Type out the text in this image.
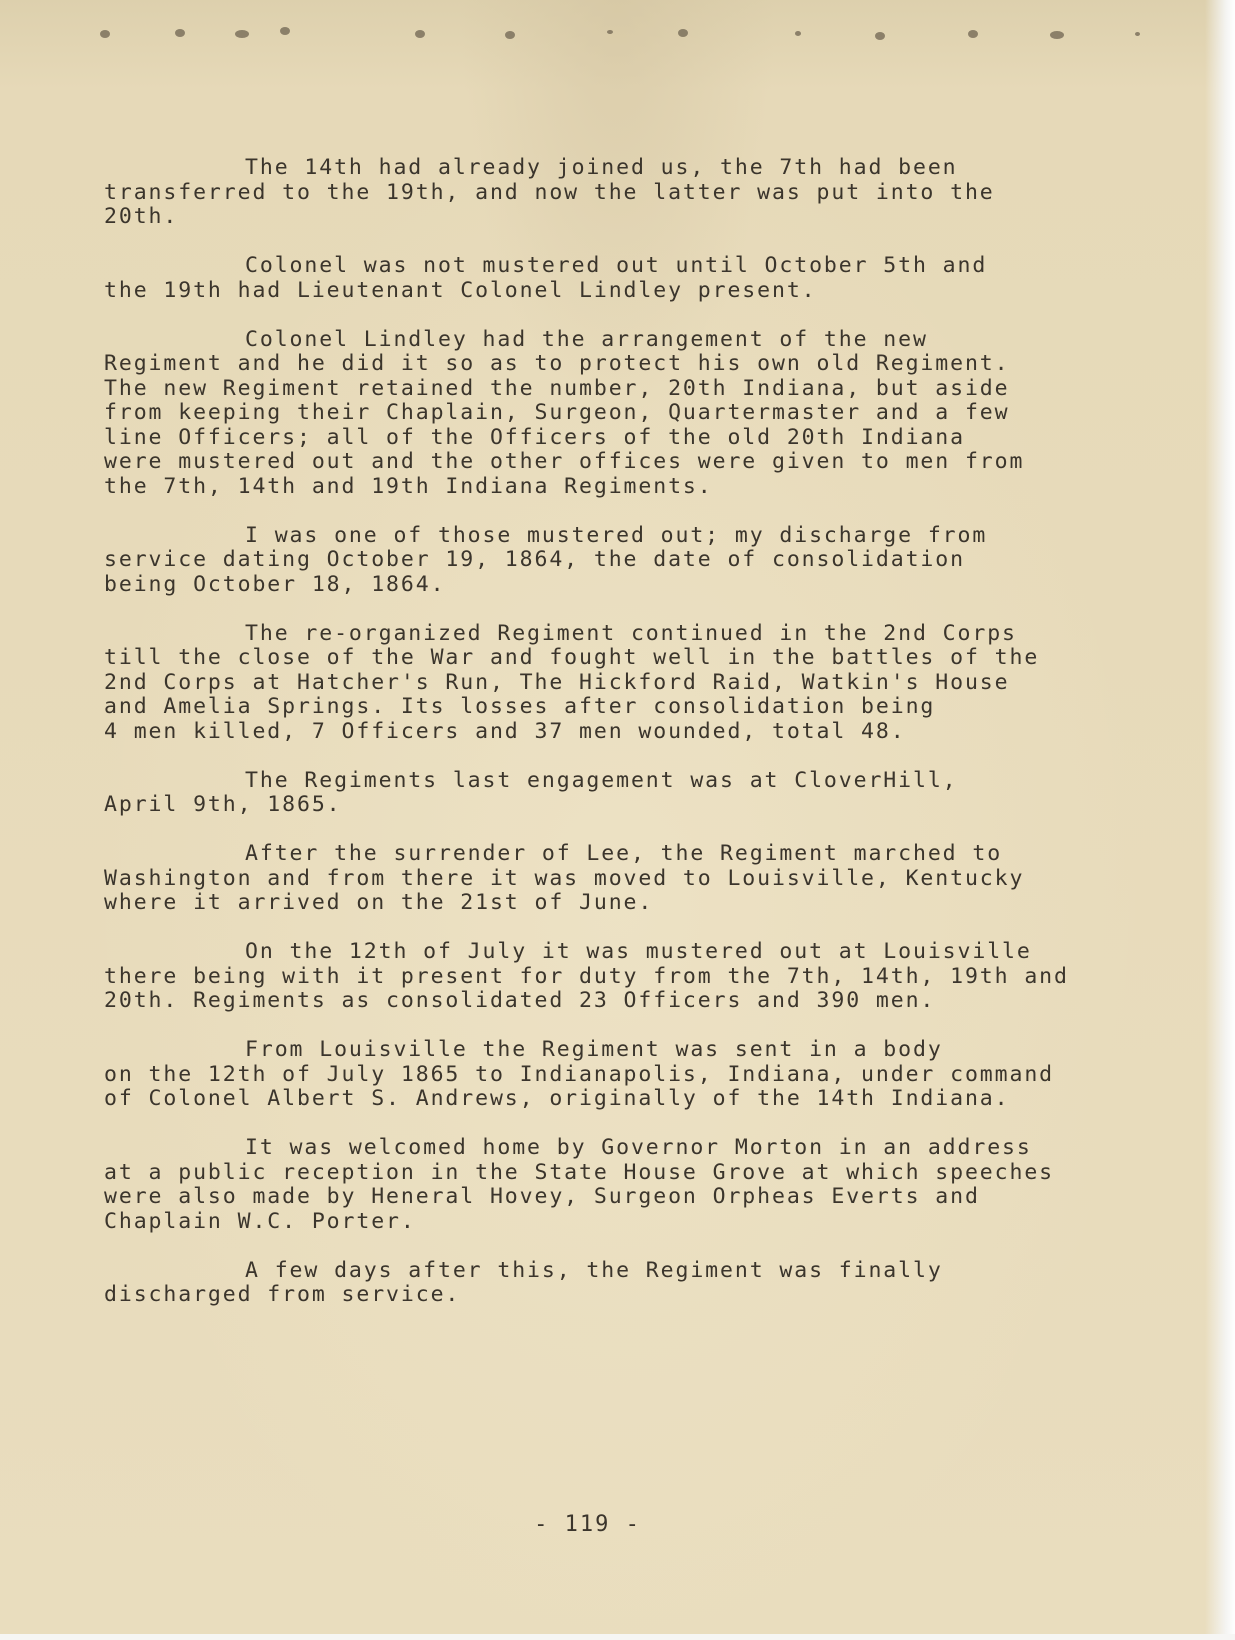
The 14th had already joined us, the 7th had been
transferred to the 19th, and now the latter was put into the
20th.
Colonel was not mustered out until October 5th and
the 19th had Lieutenant Colonel Lindley present.
Colonel Lindley had the arrangement of the new
Regiment and he did it so as to protect his own old Regiment.
The new Regiment retained the number, 20th Indiana, but aside
from keeping their Chaplain, Surgeon, Quartermaster and a few
line Officers; all of the Officers of the old 20th Indiana
were mustered out and the other offices were given to men from
the 7th, 14th and 19th Indiana Regiments.
I was one of those mustered out; my discharge from
service dating October 19, 1864, the date of consolidation
being October 18, 1864.
The re-organized Regiment continued in the 2nd Corps
till the close of the War and fought well in the battles of the
2nd Corps at Hatcher's Run, The Hickford Raid, Watkin's House
and Amelia Springs. Its losses after consolidation being
4 men killed, 7 Officers and 37 men wounded, total 48.
The Regiments last engagement was at CloverHill,
April 9th, 1865.
After the surrender of Lee, the Regiment marched to
Washington and from there it was moved to Louisville, Kentucky
where it arrived on the 21st of June.
On the 12th of July it was mustered out at Louisville
there being with it present for duty from the 7th, 14th, 19th and
20th. Regiments as consolidated 23 Officers and 390 men.
From Louisville the Regiment was sent in a body
on the 12th of July 1865 to Indianapolis, Indiana, under command
of Colonel Albert S. Andrews, originally of the 14th Indiana.
It was welcomed home by Governor Morton in an address
at a public reception in the State House Grove at which speeches
were also made by Heneral Hovey, Surgeon Orpheas Everts and
Chaplain W.C. Porter.
A few days after this, the Regiment was finally
discharged from service.
- 119 -
